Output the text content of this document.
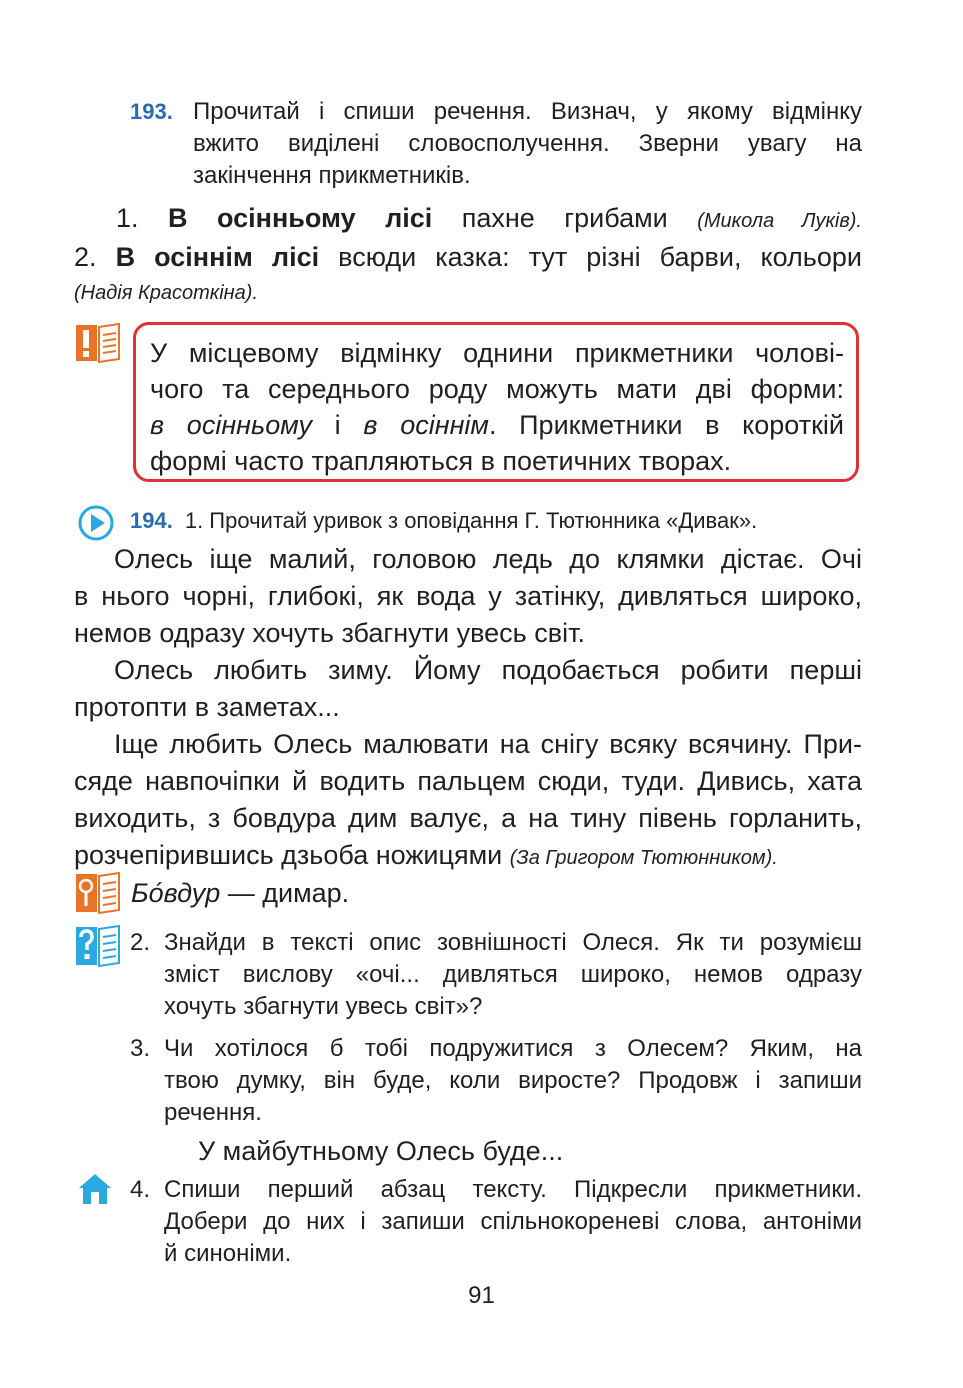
193. Прочитай і спиши речення. Визнач, у якому відмінку
вжито виділені словосполучення. Зверни увагу на
закінчення прикметників.
1. В осінньому лісі пахне грибами (Микола Луків).
2. В осіннім лісі всюди казка: тут різні барви, кольори
(Надія Красоткіна).
У місцевому відмінку однини прикметники чолові-
чого та середнього роду можуть мати дві форми:
в осінньому і в осіннім. Прикметники в короткій
формі часто трапляються в поетичних творах.
194. 1. Прочитай уривок з оповідання Г. Тютюнника «Дивак».
Олесь іще малий, головою ледь до клямки дістає. Очі
в нього чорні, глибокі, як вода у затінку, дивляться широко,
немов одразу хочуть збагнути увесь світ.
Олесь любить зиму. Йому подобається робити перші
протопти в заметах...
Іще любить Олесь малювати на снігу всяку всячину. При-
сяде навпочіпки й водить пальцем сюди, туди. Дивись, хата
виходить, з бовдура дим валує, а на тину півень горланить,
розчепірившись дзьоба ножицями (За Григором Тютюнником).
Бо́вдур — димар.
2. Знайди в тексті опис зовнішності Олеся. Як ти розумієш
зміст вислову «очі... дивляться широко, немов одразу
хочуть збагнути увесь світ»?
3. Чи хотілося б тобі подружитися з Олесем? Яким, на
твою думку, він буде, коли виросте? Продовж і запиши
речення.
У майбутньому Олесь буде...
4. Спиши перший абзац тексту. Підкресли прикметники.
Добери до них і запиши спільнокореневі слова, антоніми
й синоніми.
91
